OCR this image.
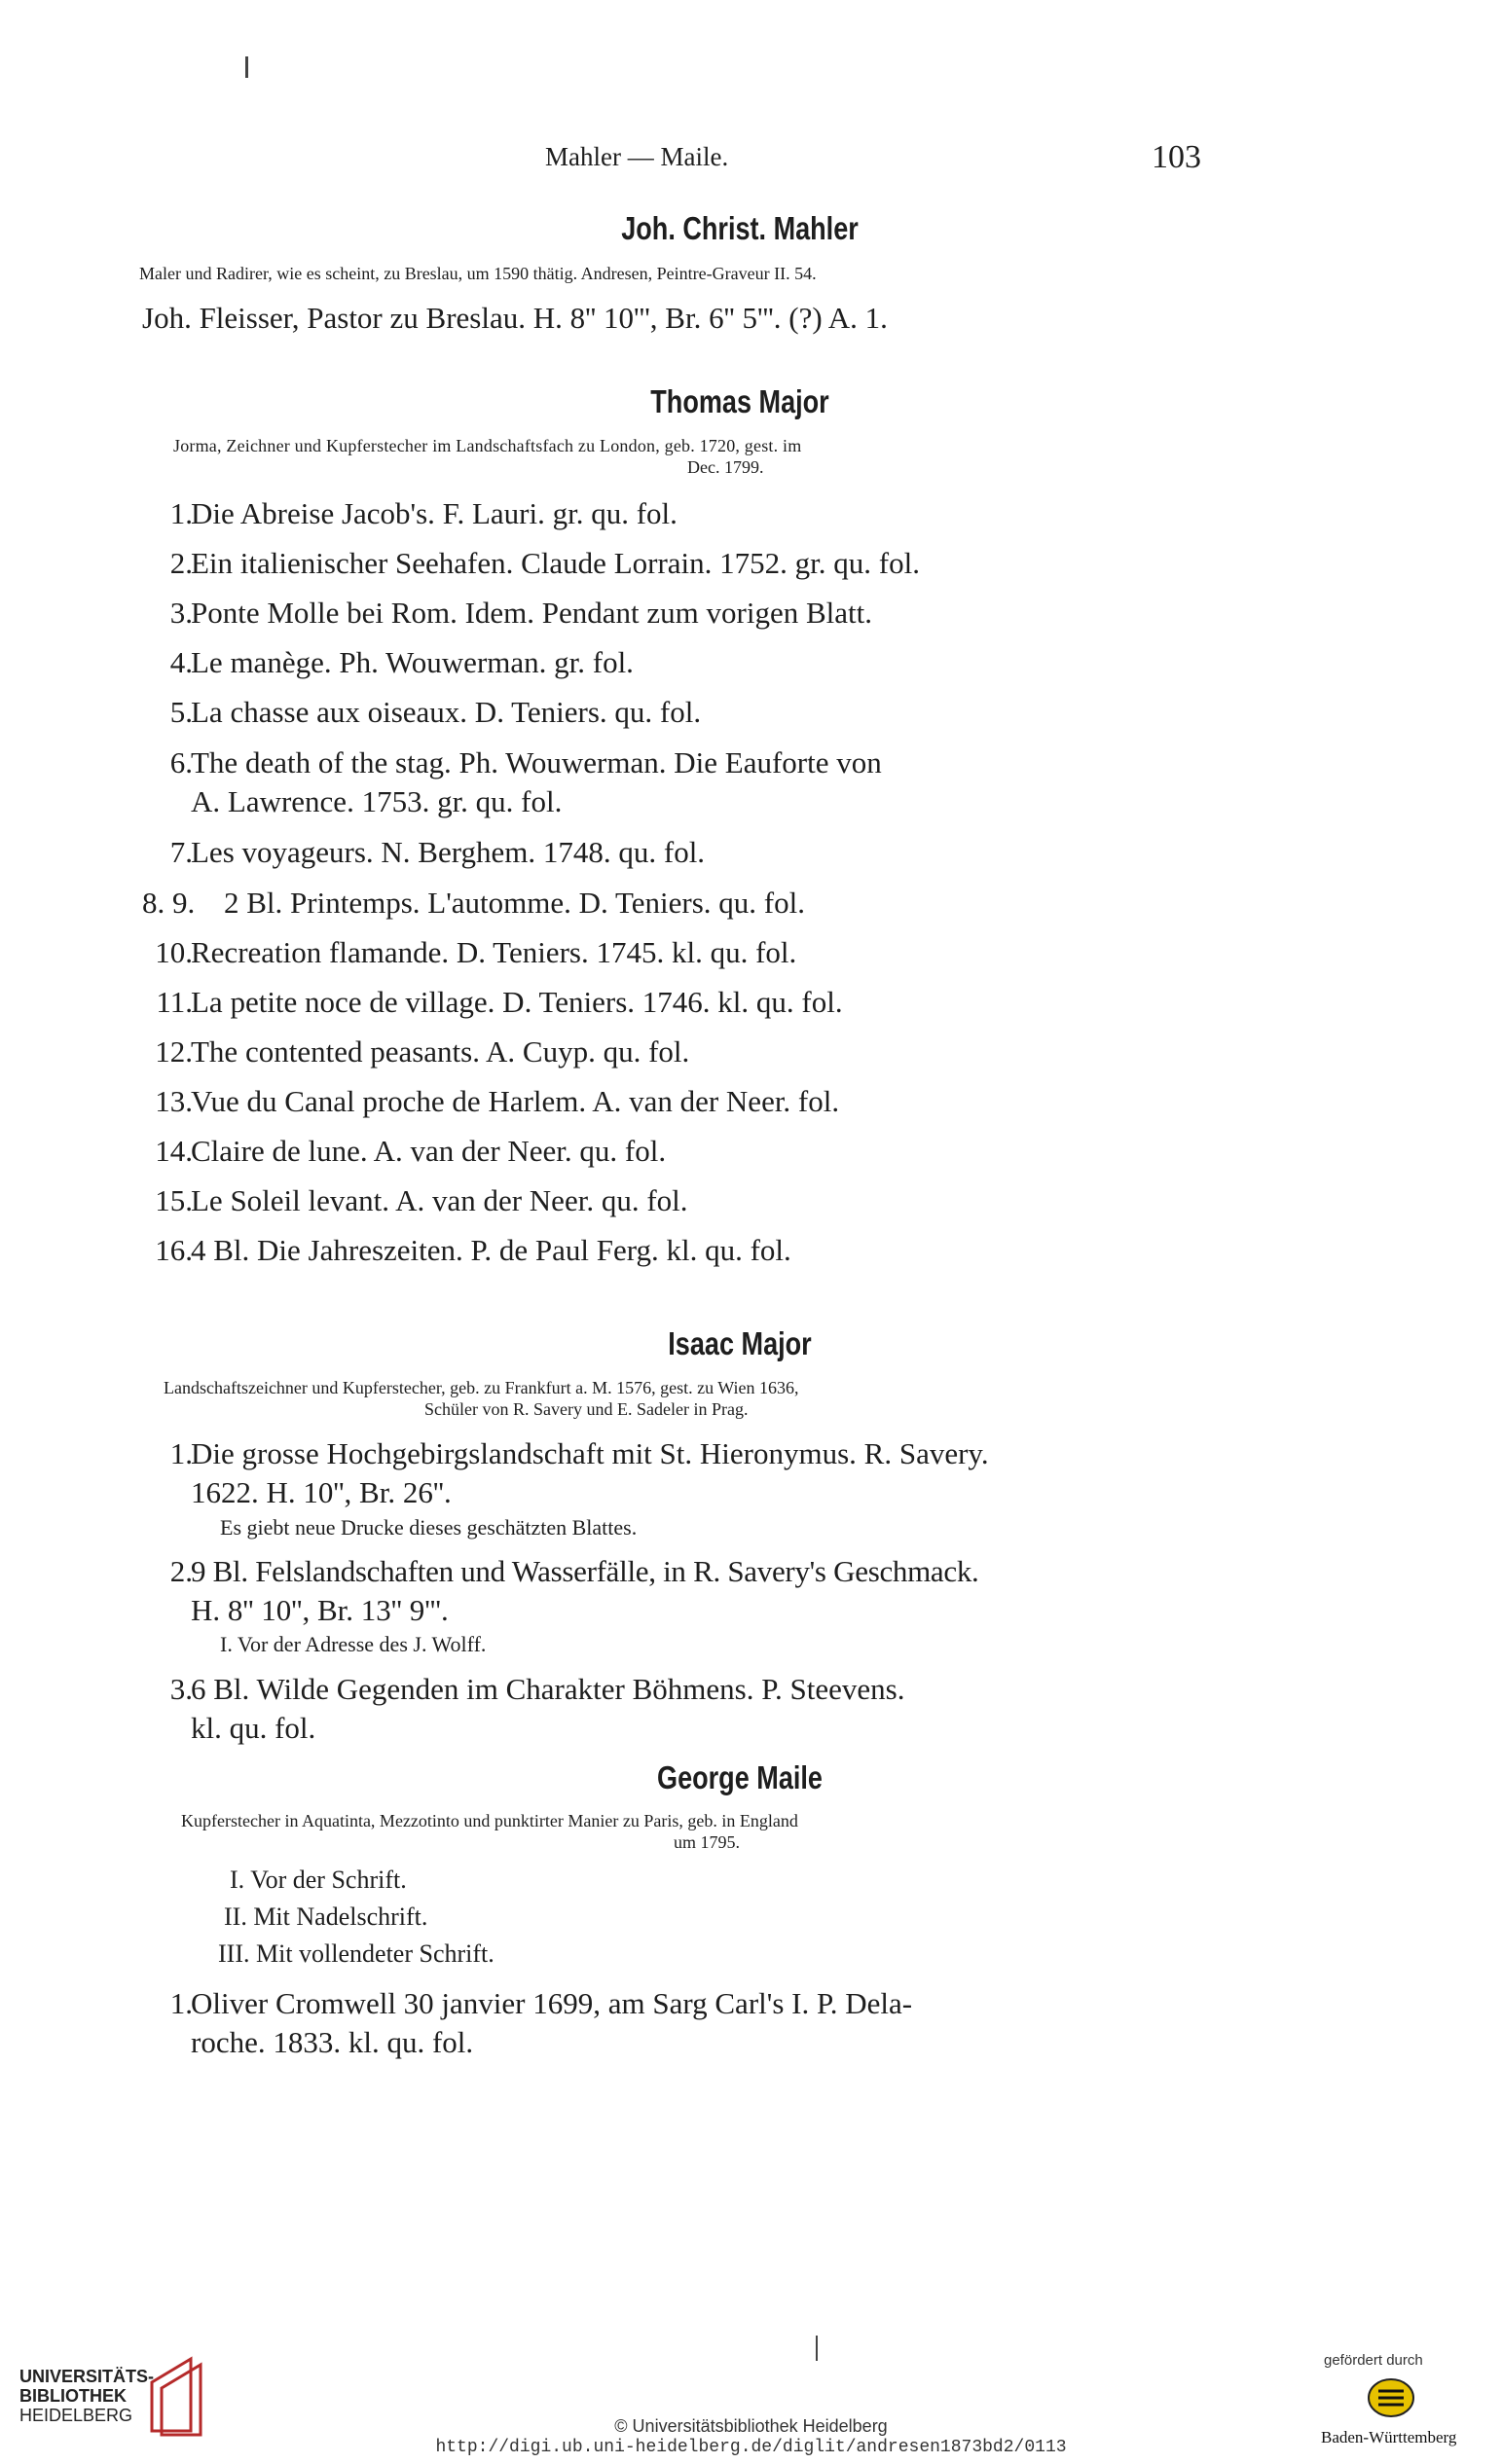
Mahler — Maile.	103
Joh. Christ. Mahler
Maler und Radirer, wie es scheint, zu Breslau, um 1590 thätig. Andresen, Peintre-Graveur II. 54.
Joh. Fleisser, Pastor zu Breslau. H. 8'' 10''', Br. 6'' 5'''. (?) A. 1.
Thomas Major
Jorma, Zeichner und Kupferstecher im Landschaftsfach zu London, geb. 1720, gest. im
Dec. 1799.
1.
Die Abreise Jacob's. F. Lauri. gr. qu. fol.
2.
Ein italienischer Seehafen. Claude Lorrain. 1752. gr. qu. fol.
3.
Ponte Molle bei Rom. Idem. Pendant zum vorigen Blatt.
4.
Le manège. Ph. Wouwerman. gr. fol.
5.
La chasse aux oiseaux. D. Teniers. qu. fol.
6.
The death of the stag. Ph. Wouwerman. Die Eauforte von
A. Lawrence. 1753. gr. qu. fol.
7.
Les voyageurs. N. Berghem. 1748. qu. fol.
8. 9. 2 Bl. Printemps. L'automme. D. Teniers. qu. fol.
10.
Recreation flamande. D. Teniers. 1745. kl. qu. fol.
11.
La petite noce de village. D. Teniers. 1746. kl. qu. fol.
12.
The contented peasants. A. Cuyp. qu. fol.
13.
Vue du Canal proche de Harlem. A. van der Neer. fol.
14.
Claire de lune. A. van der Neer. qu. fol.
15.
Le Soleil levant. A. van der Neer. qu. fol.
16.
4 Bl. Die Jahreszeiten. P. de Paul Ferg. kl. qu. fol.
Isaac Major
Landschaftszeichner und Kupferstecher, geb. zu Frankfurt a. M. 1576, gest. zu Wien 1636,
Schüler von R. Savery und E. Sadeler in Prag.
1.
Die grosse Hochgebirgslandschaft mit St. Hieronymus. R. Savery.
1622. H. 10'', Br. 26''.
Es giebt neue Drucke dieses geschätzten Blattes.
2.
9 Bl. Felslandschaften und Wasserfälle, in R. Savery's Geschmack.
H. 8'' 10'', Br. 13'' 9'''.
I. Vor der Adresse des J. Wolff.
3.
6 Bl. Wilde Gegenden im Charakter Böhmens. P. Steevens.
kl. qu. fol.
George Maile
Kupferstecher in Aquatinta, Mezzotinto und punktirter Manier zu Paris, geb. in England
um 1795.
I. Vor der Schrift.
II. Mit Nadelschrift.
III. Mit vollendeter Schrift.
1.
Oliver Cromwell 30 janvier 1699, am Sarg Carl's I. P. Dela-
roche. 1833. kl. qu. fol.
UNIVERSITÄTS-
BIBLIOTHEK
HEIDELBERG
© Universitätsbibliothek Heidelberg
http://digi.ub.uni-heidelberg.de/diglit/andresen1873bd2/0113
gefördert durch
Baden-Württemberg
